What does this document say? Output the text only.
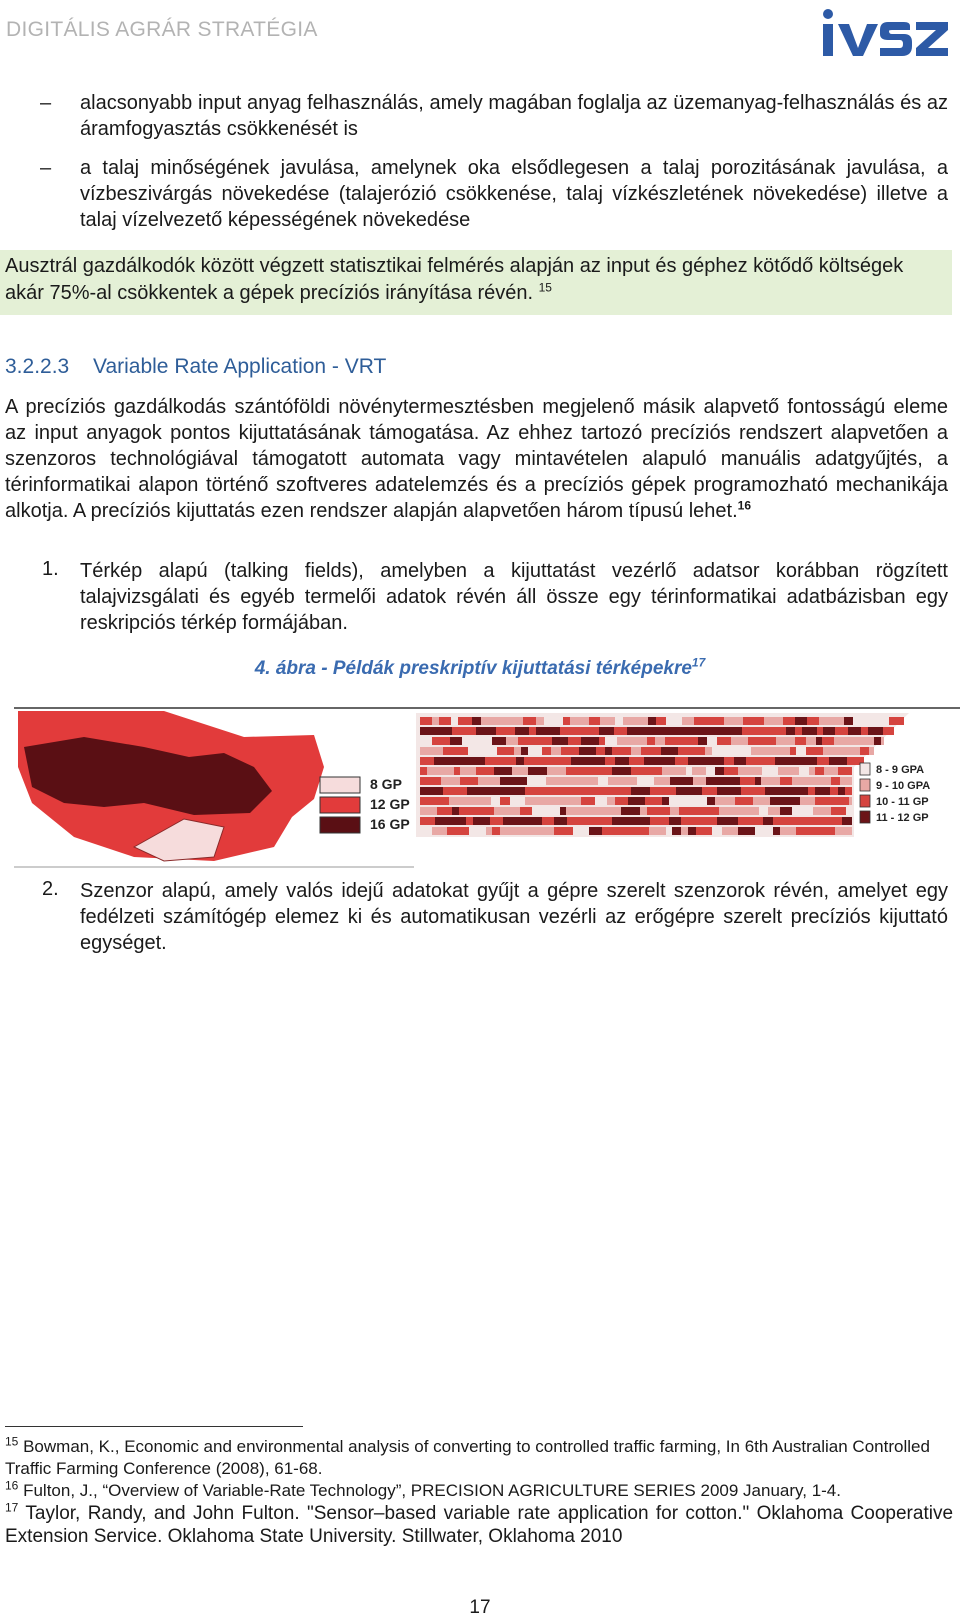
DIGITÁLIS AGRÁR STRATÉGIA
– alacsonyabb input anyag felhasználás, amely magában foglalja az üzemanyag-felhasználás és az áramfogyasztás csökkenését is

– a talaj minőségének javulása, amelynek oka elsődlegesen a talaj porozitásának javulása, a vízbeszivárgás növekedése (talajerózió csökkenése, talaj vízkészletének növekedése) illetve a talaj vízelvezető képességének növekedése

Ausztrál gazdálkodók között végzett statisztikai felmérés alapján az input és géphez kötődő költségek akár 75%-al csökkentek a gépek precíziós irányítása révén. $^{15}$

3.2.2.3 Variable Rate Application - VRT

A precíziós gazdálkodás szántóföldi növénytermesztésben megjelenő másik alapvető fontosságú eleme az input anyagok pontos kijuttatásának támogatása. Az ehhez tartozó precíziós rendszert alapvetően a szenzoros technológiával támogatott automata vagy mintavételen alapuló manuális adatgyűjtés, a térinformatikai alapon történő szoftveres adatelemzés és a precíziós gépek programozható mechanikája alkotja. A precíziós kijuttatás ezen rendszer alapján alapvetően három típusú lehet.$^{16}$

1. Térkép alapú (talking fields), amelyben a kijuttatást vezérlő adatsor korábban rögzített talajvizsgálati és egyéb termelői adatok révén áll össze egy térinformatikai adatbázisban egy reskripciós térkép formájában.

4. ábra - Példák preskriptív kijuttatási térképekre$^{17}$
8 GP
12 GP
16 GP
8 - 9 GPA
9 - 10 GPA
10 - 11 GP
11 - 12 GP
2. Szenzor alapú, amely valós idejű adatokat gyűjt a gépre szerelt szenzorok révén, amelyet egy fedélzeti számítógép elemez ki és automatikusan vezérli az erőgépre szerelt precíziós kijuttató egységet.

$^{15}$ Bowman, K., Economic and environmental analysis of converting to controlled traffic farming, In 6th Australian Controlled Traffic Farming Conference (2008), 61-68.

$^{16}$ Fulton, J., “Overview of Variable-Rate Technology”, PRECISION AGRICULTURE SERIES 2009 January, 1-4.

$^{17}$ Taylor, Randy, and John Fulton. "Sensor–based variable rate application for cotton." Oklahoma Cooperative Extension Service. Oklahoma State University. Stillwater, Oklahoma 2010

17
